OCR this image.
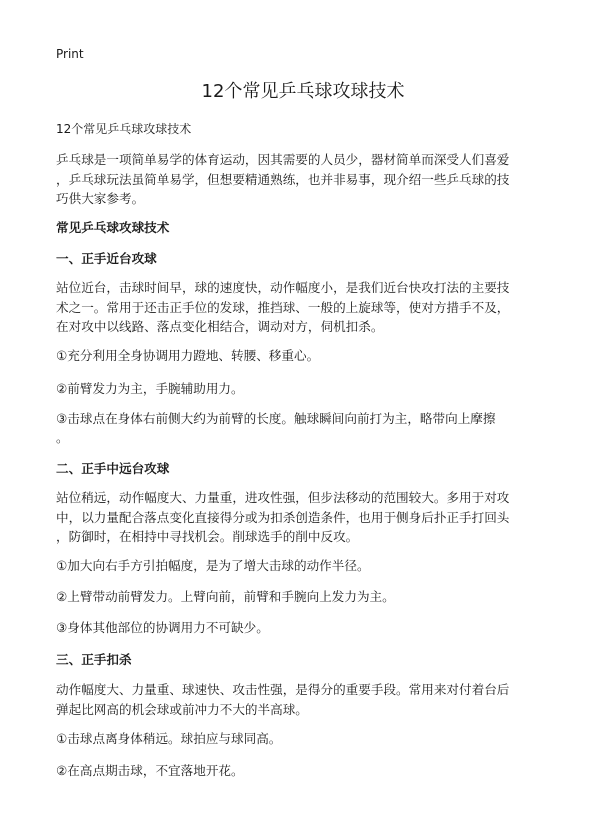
Print
12个常见乒乓球攻球技术
12个常见乒乓球攻球技术
乒乓球是一项简单易学的体育运动，因其需要的人员少，器材简单而深受人们喜爱
，乒乓球玩法虽简单易学，但想要精通熟练，也并非易事，现介绍一些乒乓球的技
巧供大家参考。
常见乒乓球攻球技术
一、正手近台攻球
站位近台，击球时间早，球的速度快，动作幅度小，是我们近台快攻打法的主要技
术之一。常用于还击正手位的发球，推挡球、一般的上旋球等，使对方措手不及，
在对攻中以线路、落点变化相结合，调动对方，伺机扣杀。
①充分利用全身协调用力蹬地、转腰、移重心。
②前臂发力为主，手腕辅助用力。
③击球点在身体右前侧大约为前臂的长度。触球瞬间向前打为主，略带向上摩擦
。
二、正手中远台攻球
站位稍远，动作幅度大、力量重，进攻性强，但步法移动的范围较大。多用于对攻
中，以力量配合落点变化直接得分或为扣杀创造条件，也用于侧身后扑正手打回头
，防御时，在相持中寻找机会。削球选手的削中反攻。
①加大向右手方引拍幅度，是为了增大击球的动作半径。
②上臂带动前臂发力。上臂向前，前臂和手腕向上发力为主。
③身体其他部位的协调用力不可缺少。
三、正手扣杀
动作幅度大、力量重、球速快、攻击性强，是得分的重要手段。常用来对付着台后
弹起比网高的机会球或前冲力不大的半高球。
①击球点离身体稍远。球拍应与球同高。
②在高点期击球，不宜落地开花。
